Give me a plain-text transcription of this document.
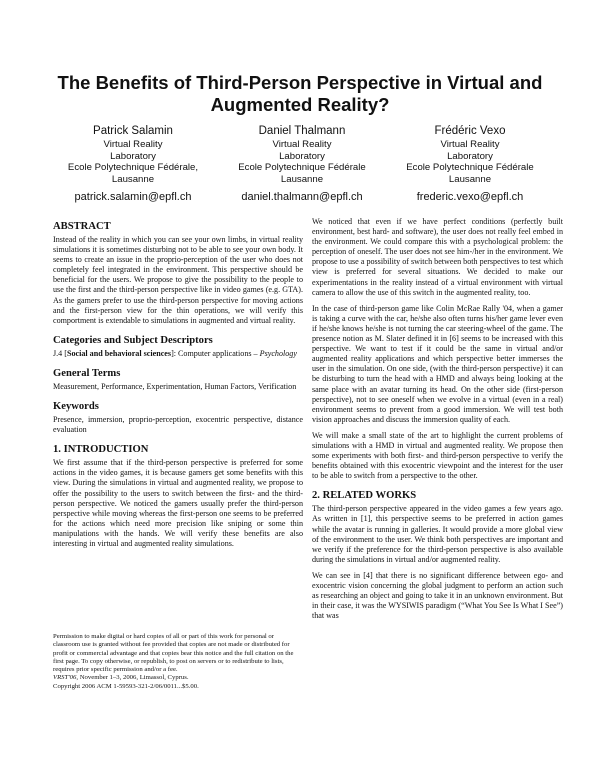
The Benefits of Third-Person Perspective in Virtual and Augmented Reality?
Patrick Salamin
Virtual Reality
Laboratory
Ecole Polytechnique Fédérale,
Lausanne
patrick.salamin@epfl.ch
Daniel Thalmann
Virtual Reality
Laboratory
Ecole Polytechnique Fédérale
Lausanne
daniel.thalmann@epfl.ch
Frédéric Vexo
Virtual Reality
Laboratory
Ecole Polytechnique Fédérale
Lausanne
frederic.vexo@epfl.ch
ABSTRACT

Instead of the reality in which you can see your own limbs, in virtual reality simulations it is sometimes disturbing not to be able to see your own body. It seems to create an issue in the proprio-perception of the user who does not completely feel integrated in the environment. This perspective should be beneficial for the users. We propose to give the possibility to the people to use the first and the third-person perspective like in video games (e.g. GTA). As the gamers prefer to use the third-person perspective for moving actions and the first-person view for the thin operations, we will verify this comportment is extendable to simulations in augmented and virtual reality.

Categories and Subject Descriptors

J.4 [Social and behavioral sciences]: Computer applications – Psychology

General Terms

Measurement, Performance, Experimentation, Human Factors, Verification

Keywords

Presence, immersion, proprio-perception, exocentric perspective, distance evaluation

1. INTRODUCTION

We first assume that if the third-person perspective is preferred for some actions in the video games, it is because gamers get some benefits with this view. During the simulations in virtual and augmented reality, we propose to offer the possibility to the users to switch between the first- and the third-person perspective. We noticed the gamers usually prefer the third-person perspective while moving whereas the first-person one seems to be preferred for the actions which need more precision like sniping or some thin manipulations with the hands. We will verify these benefits are also interesting in virtual and augmented reality simulations.

Permission to make digital or hard copies of all or part of this work for personal or classroom use is granted without fee provided that copies are not made or distributed for profit or commercial advantage and that copies bear this notice and the full citation on the first page. To copy otherwise, or republish, to post on servers or to redistribute to lists, requires prior specific permission and/or a fee.

VRST'06, November 1–3, 2006, Limassol, Cyprus.

Copyright 2006 ACM 1-59593-321-2/06/0011...$5.00.

We noticed that even if we have perfect conditions (perfectly built environment, best hard- and software), the user does not really feel embed in the environment. We could compare this with a psychological problem: the perception of oneself. The user does not see him-/her in the environment. We propose to use a possibility of switch between both perspectives to test which view is preferred for several situations. We decided to make our experimentations in the reality instead of a virtual environment with virtual camera to allow the use of this switch in the augmented reality, too.

In the case of third-person game like Colin McRae Rally '04, when a gamer is taking a curve with the car, he/she also often turns his/her game lever even if he/she knows he/she is not turning the car steering-wheel of the game. The presence notion as M. Slater defined it in [6] seems to be increased with this perspective. We want to test if it could be the same in virtual and/or augmented reality applications and which perspective better immerses the user in the simulation. On one side, (with the third-person perspective) it can be disturbing to turn the head with a HMD and always being looking at the same place with an avatar turning its head. On the other side (first-person perspective), not to see oneself when we evolve in a virtual (even in a real) environment seems to prevent from a good immersion. We will test both vision approaches and discuss the immersion quality of each.

We will make a small state of the art to highlight the current problems of simulations with a HMD in virtual and augmented reality. We propose then some experiments with both first- and third-person perspective to verify the benefits obtained with this exocentric viewpoint and the interest for the user to be able to switch from a perspective to the other.

2. RELATED WORKS

The third-person perspective appeared in the video games a few years ago. As written in [1], this perspective seems to be preferred in action games while the avatar is running in galleries. It would provide a more global view of the environment to the user. We think both perspectives are important and we verify if the preference for the third-person perspective is also available during the simulations in virtual and/or augmented reality.

We can see in [4] that there is no significant difference between ego- and exocentric vision concerning the global judgment to perform an action such as researching an object and going to take it in an unknown environment. But in their case, it was the WYSIWIS paradigm (“What You See Is What I See”) that was
